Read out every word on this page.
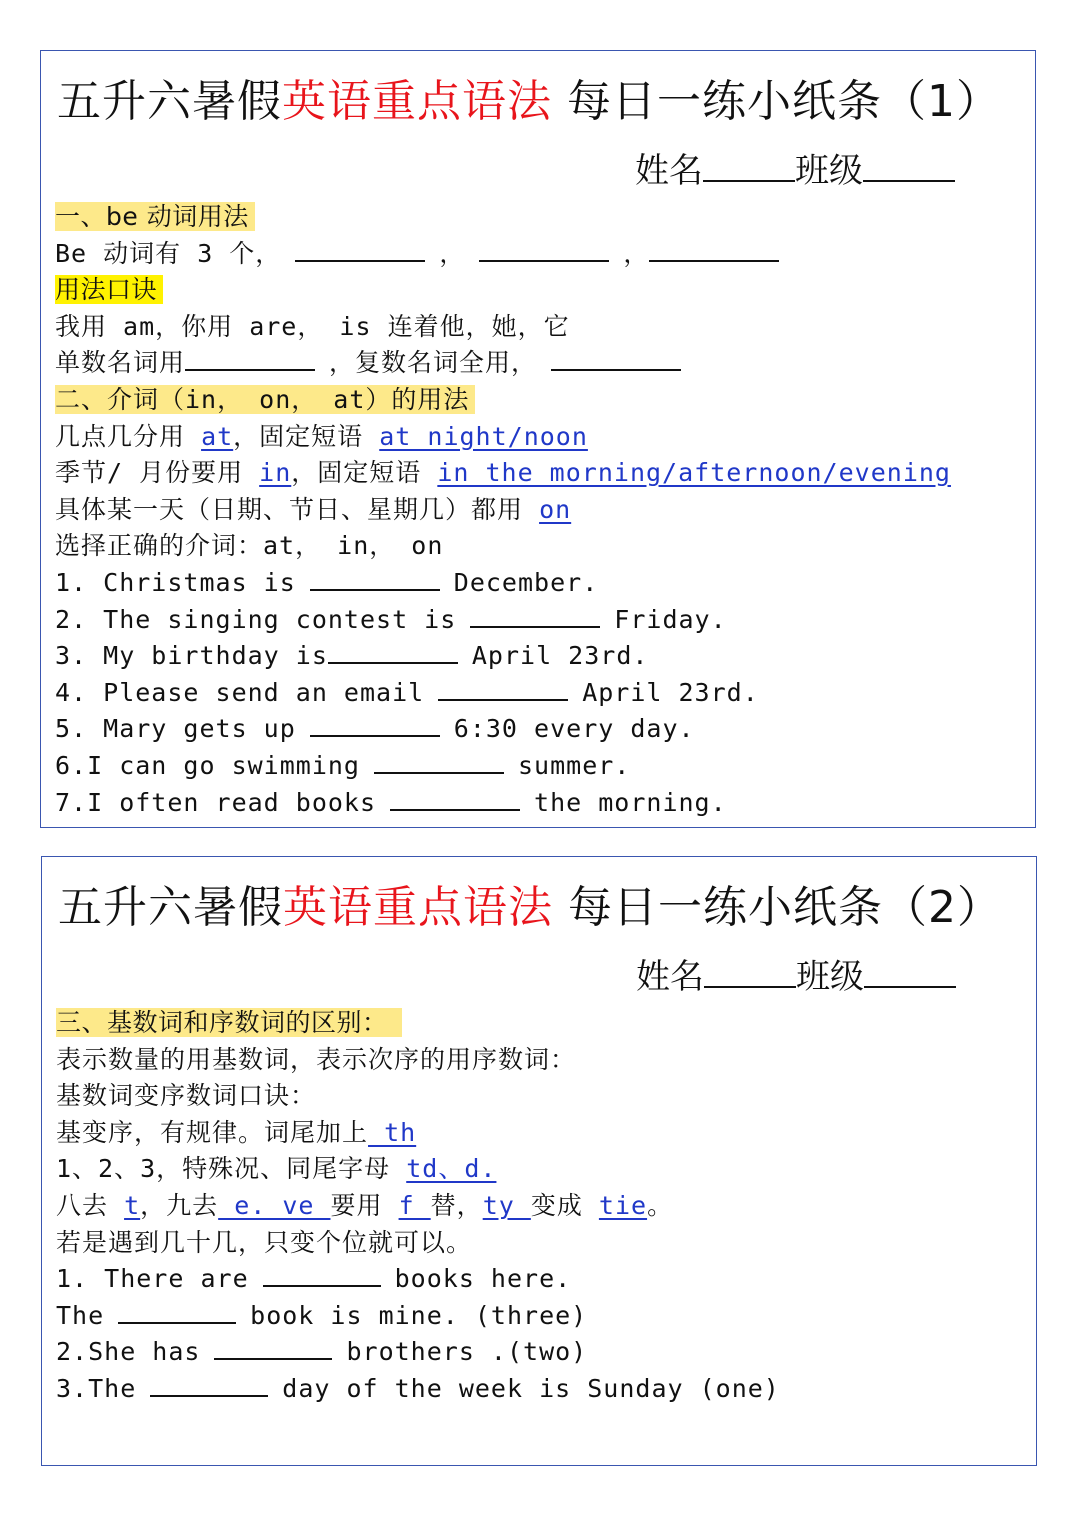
五升六暑假英语重点语法 每日一练小纸条（1）
姓名	班级
一、be 动词用法
Be 动词有 3 个，	，	，
用法口诀
我用 am，你用 are， is 连着他，她，它
单数名词用	，复数名词全用，
二、介词（in， on， at）的用法
几点几分用 at，固定短语 at night/noon
季节/ 月份要用 in，固定短语 in the morning/afternoon/evening
具体某一天（日期、节日、星期几）都用 on
选择正确的介词：at， in， on
1. Christmas is	December.
2. The singing contest is	Friday.
3. My birthday is	April 23rd.
4. Please send an email	April 23rd.
5. Mary gets up	6:30 every day.
6.I can go swimming	summer.
7.I often read books	the morning.
五升六暑假英语重点语法 每日一练小纸条（2）
姓名	班级
三、基数词和序数词的区别：
表示数量的用基数词，表示次序的用序数词：
基数词变序数词口诀：
基变序，有规律。词尾加上 th
1、2、3，特殊况、同尾字母 td、d.
八去 t，九去 e. ve 要用 f 替，ty 变成 tie。
若是遇到几十几，只变个位就可以。
1. There are	books here.
The	book is mine. (three)
2.She has	brothers .(two)
3.The	day of the week is Sunday (one)
